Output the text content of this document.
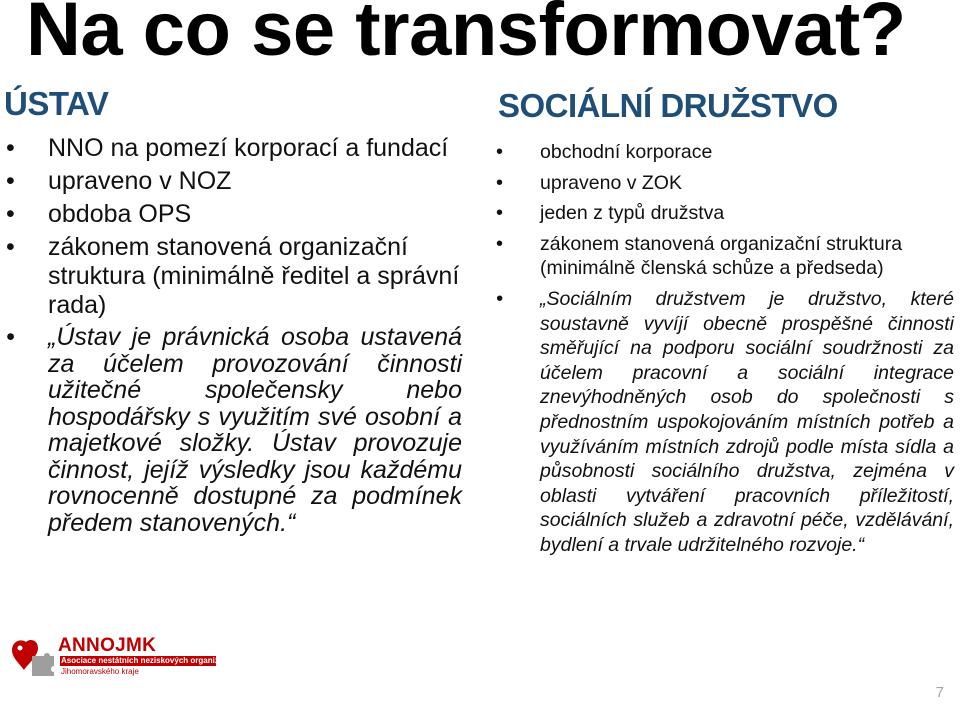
Na co se transformovat?
ÚSTAV
• NNO na pomezí korporací a fundací
• upraveno v NOZ
• obdoba OPS
• zákonem stanovená organizační struktura (minimálně ředitel a správní rada)
• „Ústav je právnická osoba ustavená za účelem provozování činnosti užitečné společensky nebo hospodářsky s využitím své osobní a majetkové složky. Ústav provozuje činnost, jejíž výsledky jsou každému rovnocenně dostupné za podmínek předem stanovených.“
SOCIÁLNÍ DRUŽSTVO
• obchodní korporace
• upraveno v ZOK
• jeden z typů družstva
• zákonem stanovená organizační struktura (minimálně členská schůze a předseda)
• „Sociálním družstvem je družstvo, které soustavně vyvíjí obecně prospěšné činnosti směřující na podporu sociální soudržnosti za účelem pracovní a sociální integrace znevýhodněných osob do společnosti s přednostním uspokojováním místních potřeb a využíváním místních zdrojů podle místa sídla a působnosti sociálního družstva, zejména v oblasti vytváření pracovních příležitostí, sociálních služeb a zdravotní péče, vzdělávání, bydlení a trvale udržitelného rozvoje.“
ANNOJMK
Asociace nestátních neziskových organizací
Jihomoravského kraje
7
